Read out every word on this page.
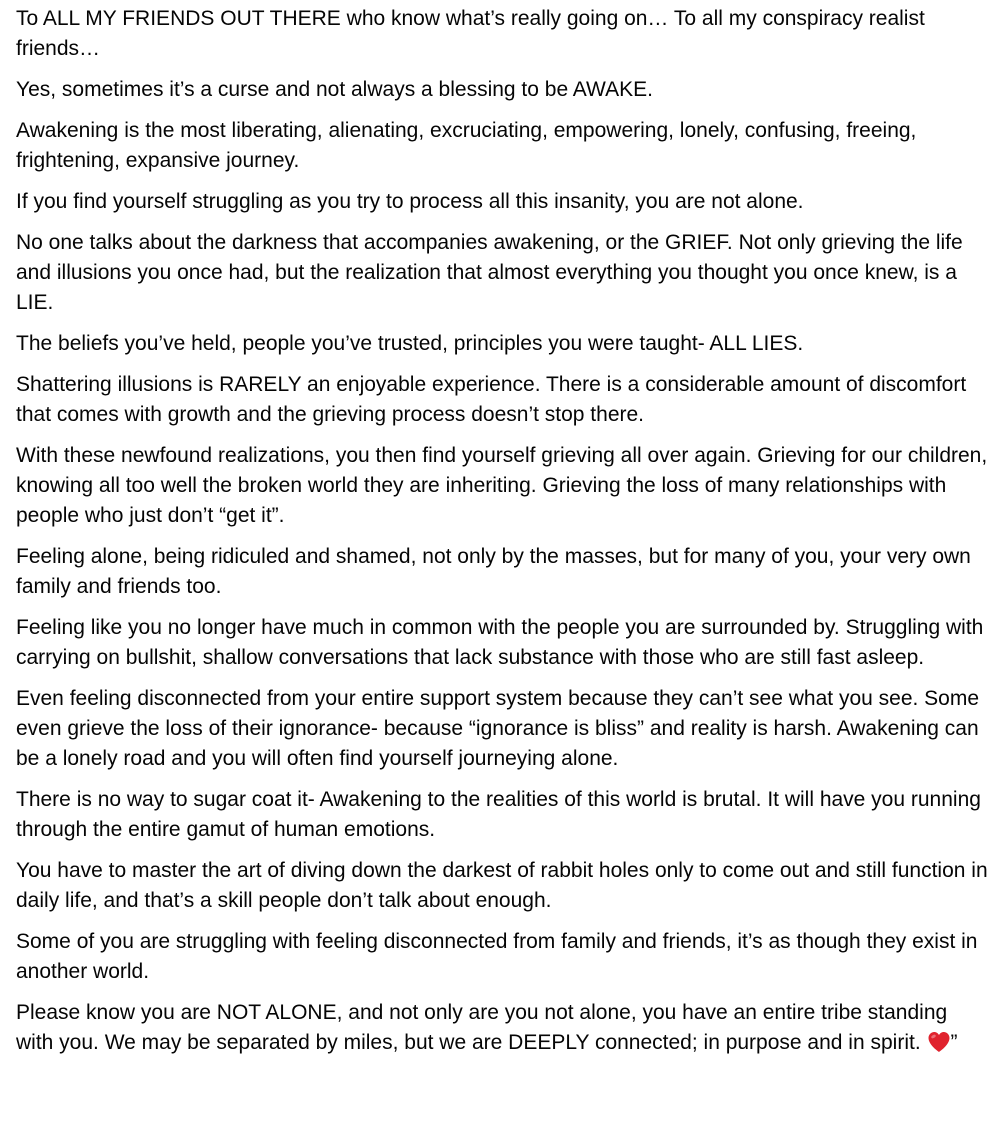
To ALL MY FRIENDS OUT THERE who know what’s really going on… To all my conspiracy realist friends…

Yes, sometimes it’s a curse and not always a blessing to be AWAKE.

Awakening is the most liberating, alienating, excruciating, empowering, lonely, confusing, freeing, frightening, expansive journey.

If you find yourself struggling as you try to process all this insanity, you are not alone.

No one talks about the darkness that accompanies awakening, or the GRIEF. Not only grieving the life and illusions you once had, but the realization that almost everything you thought you once knew, is a LIE.

The beliefs you’ve held, people you’ve trusted, principles you were taught- ALL LIES.

Shattering illusions is RARELY an enjoyable experience. There is a considerable amount of discomfort that comes with growth and the grieving process doesn’t stop there.

With these newfound realizations, you then find yourself grieving all over again. Grieving for our children, knowing all too well the broken world they are inheriting. Grieving the loss of many relationships with people who just don’t “get it”.

Feeling alone, being ridiculed and shamed, not only by the masses, but for many of you, your very own family and friends too.

Feeling like you no longer have much in common with the people you are surrounded by. Struggling with carrying on bullshit, shallow conversations that lack substance with those who are still fast asleep.

Even feeling disconnected from your entire support system because they can’t see what you see. Some even grieve the loss of their ignorance- because “ignorance is bliss” and reality is harsh. Awakening can be a lonely road and you will often find yourself journeying alone.

There is no way to sugar coat it- Awakening to the realities of this world is brutal. It will have you running through the entire gamut of human emotions.

You have to master the art of diving down the darkest of rabbit holes only to come out and still function in daily life, and that’s a skill people don’t talk about enough.

Some of you are struggling with feeling disconnected from family and friends, it’s as though they exist in another world.

Please know you are NOT ALONE, and not only are you not alone, you have an entire tribe standing with you. We may be separated by miles, but we are DEEPLY connected; in purpose and in spirit. ”
